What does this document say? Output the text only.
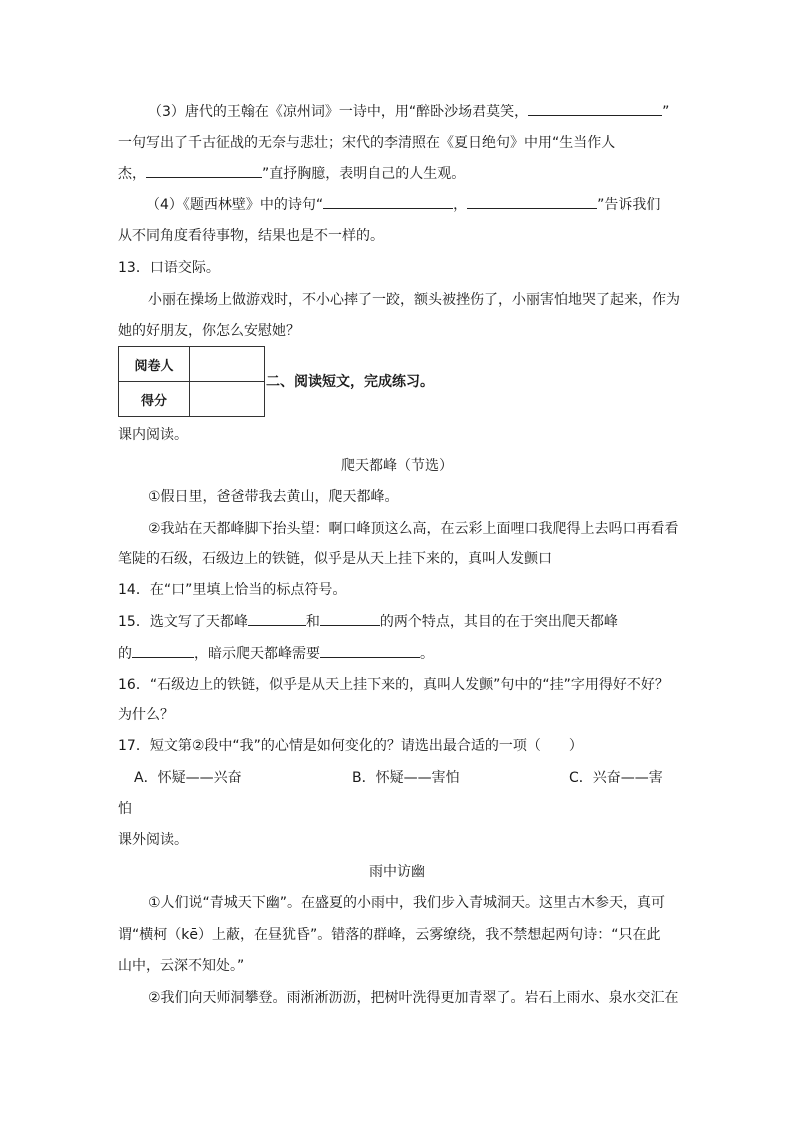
（3）唐代的王翰在《凉州词》一诗中，用“醉卧沙场君莫笑，	”
一句写出了千古征战的无奈与悲壮；宋代的李清照在《夏日绝句》中用“生当作人
杰，	”直抒胸臆，表明自己的人生观。
（4）《题西林壁》中的诗句“	，	”告诉我们
从不同角度看待事物，结果也是不一样的。
13．口语交际。
小丽在操场上做游戏时，不小心摔了一跤，额头被挫伤了，小丽害怕地哭了起来，作为
她的好朋友，你怎么安慰她？
阅卷人	
得分	
二、阅读短文，完成练习。
课内阅读。
爬天都峰（节选）
①假日里，爸爸带我去黄山，爬天都峰。
②我站在天都峰脚下抬头望：啊口峰顶这么高，在云彩上面哩口我爬得上去吗口再看看
笔陡的石级，石级边上的铁链，似乎是从天上挂下来的，真叫人发颤口
14．在“口”里填上恰当的标点符号。
15．选文写了天都峰	和	的两个特点，其目的在于突出爬天都峰
的	，暗示爬天都峰需要	。
16．“石级边上的铁链，似乎是从天上挂下来的，真叫人发颤”句中的“挂”字用得好不好？
为什么？
17．短文第②段中“我”的心情是如何变化的？请选出最合适的一项（　　）
A．怀疑——兴奋	B．怀疑——害怕	C．兴奋——害
怕
课外阅读。
雨中访幽
①人们说“青城天下幽”。在盛夏的小雨中，我们步入青城洞天。这里古木参天，真可
谓“横柯（kē）上蔽，在昼犹昏”。错落的群峰，云雾缭绕，我不禁想起两句诗：“只在此
山中，云深不知处。”
②我们向天师洞攀登。雨淅淅沥沥，把树叶洗得更加青翠了。岩石上雨水、泉水交汇在
